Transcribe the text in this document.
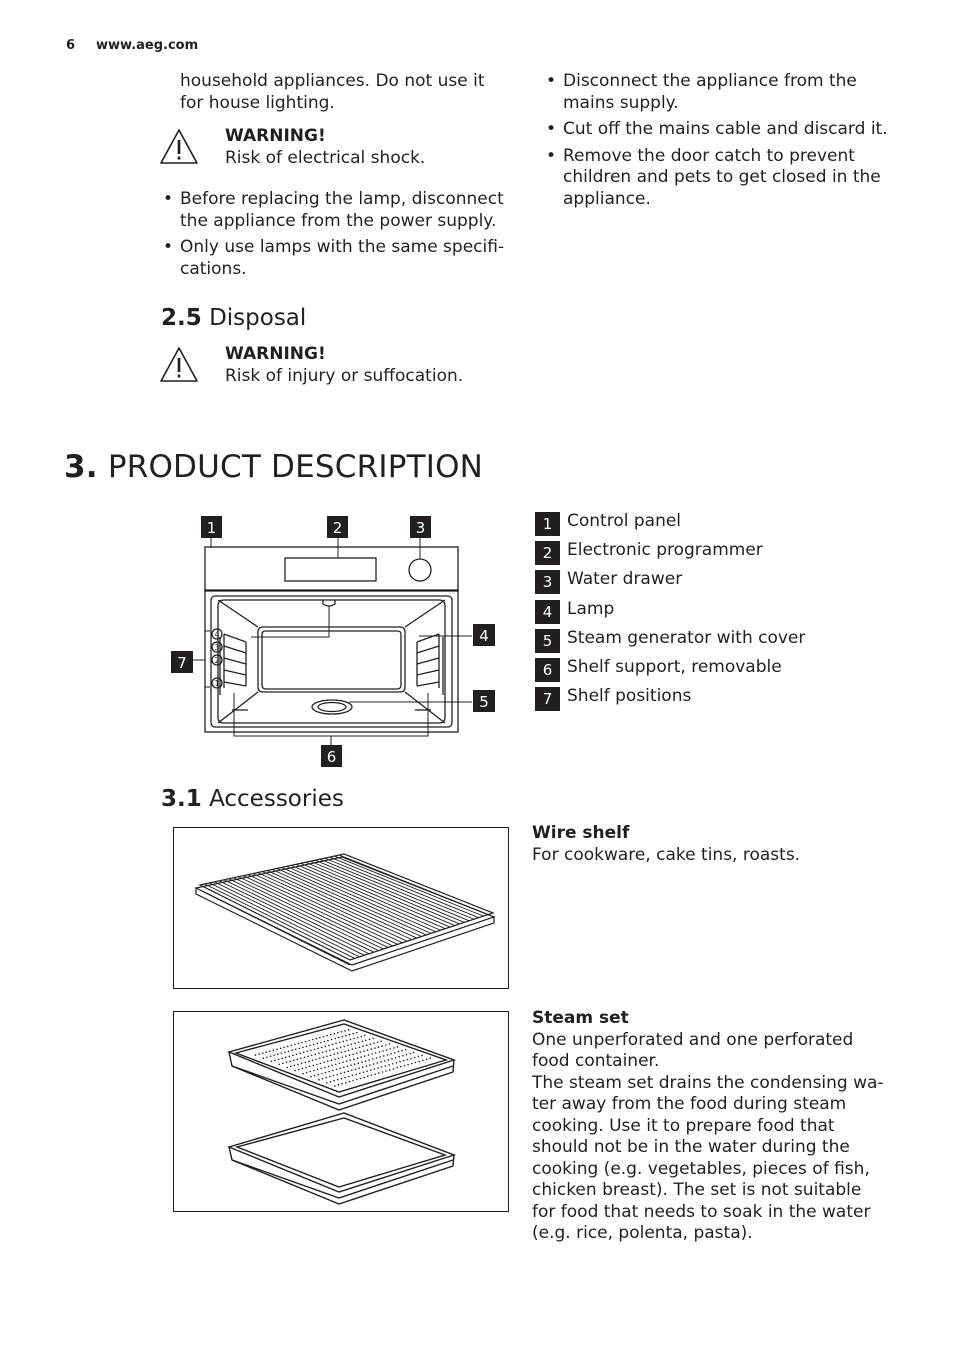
6 www.aeg.com
household appliances. Do not use it
for house lighting.
WARNING!
Risk of electrical shock.
• Before replacing the lamp, disconnect
the appliance from the power supply.
• Only use lamps with the same specifi-
cations.
2.5 Disposal
WARNING!
Risk of injury or suffocation.
• Disconnect the appliance from the
mains supply.
• Cut off the mains cable and discard it.
• Remove the door catch to prevent
children and pets to get closed in the
appliance.
3. PRODUCT DESCRIPTION
4
3
2
1
1	2	3
4
5
6
7
1 Control panel
2 Electronic programmer
3 Water drawer
4 Lamp
5 Steam generator with cover
6 Shelf support, removable
7 Shelf positions
3.1 Accessories
Wire shelf
For cookware, cake tins, roasts.
Steam set
One unperforated and one perforated
food container.
The steam set drains the condensing wa-
ter away from the food during steam
cooking. Use it to prepare food that
should not be in the water during the
cooking (e.g. vegetables, pieces of fish,
chicken breast). The set is not suitable
for food that needs to soak in the water
(e.g. rice, polenta, pasta).
